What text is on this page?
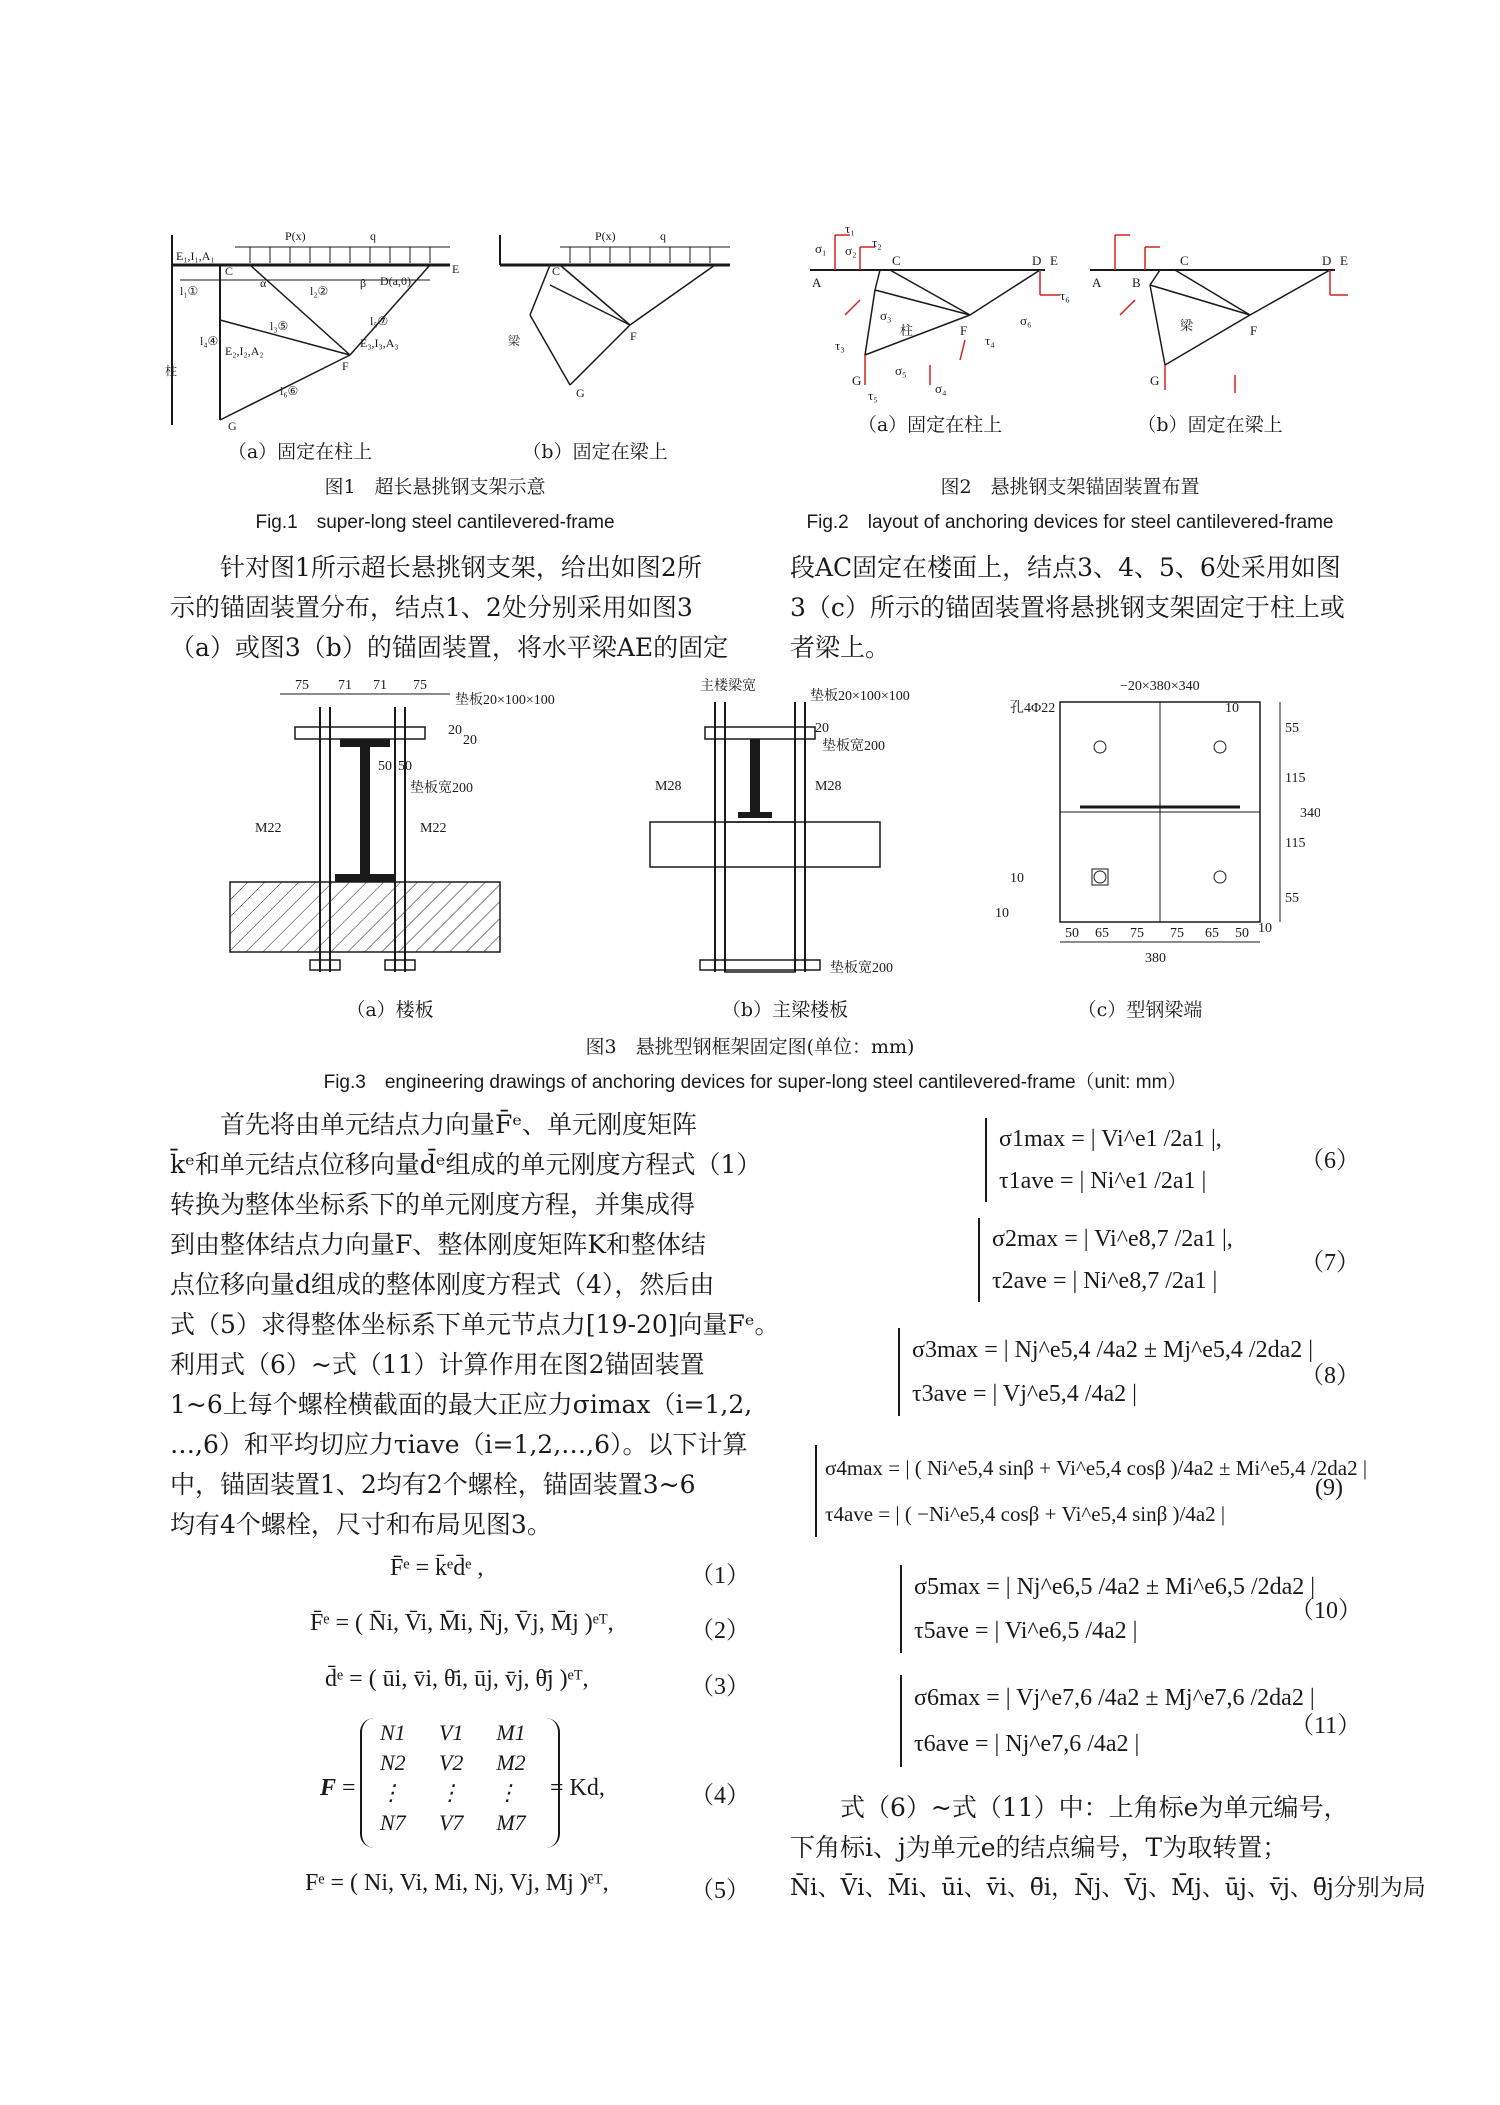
P(x)	q
E
D(a,0)
C
α	β
F
G
柱
l₁①	l₂②
l₃⑤
l₄④
l₅⑦
l₆⑥
E₁,I₁,A₁
E₂,I₂,A₂
E₃,I₃,A₃
P(x)	q
C
梁
G
F
（a）固定在柱上	（b）固定在梁上
图1　超长悬挑钢支架示意
Fig.1　super-long steel cantilevered-frame
A
C	D E
F
G
柱
τ₁
τ₂
σ₁ σ₂
σ₃
σ₄
σ₅
σ₆
τ₃	τ₄
τ₅
τ₆
A B
C	D E
F
G
梁
（a）固定在柱上	（b）固定在梁上
图2　悬挑钢支架锚固装置布置
Fig.2　layout of anchoring devices for steel cantilevered-frame
针对图1所示超长悬挑钢支架，给出如图2所
示的锚固装置分布，结点1、2处分别采用如图3
（a）或图3（b）的锚固装置，将水平梁AE的固定
段AC固定在楼面上，结点3、4、5、6处采用如图
3（c）所示的锚固装置将悬挑钢支架固定于柱上或
者梁上。
75 71 71 75
垫板20×100×100
垫板宽200
M22	M22
20
20
50 50
主楼梁宽
垫板20×100×100
垫板宽200
M28	M28
20
垫板宽200
−20×380×340
孔4Φ22	10
10
10
10
55
115
115
55
340
50 65 75 75 65 50
380
（a）楼板	（b）主梁楼板	（c）型钢梁端
图3　悬挑型钢框架固定图(单位：mm)
Fig.3　engineering drawings of anchoring devices for super-long steel cantilevered-frame（unit: mm）
首先将由单元结点力向量F̄ᵉ、单元刚度矩阵
k̄ᵉ和单元结点位移向量d̄ᵉ组成的单元刚度方程式（1）
转换为整体坐标系下的单元刚度方程，并集成得
到由整体结点力向量F、整体刚度矩阵K和整体结
点位移向量d组成的整体刚度方程式（4），然后由
式（5）求得整体坐标系下单元节点力[19-20]向量Fᵉ。
利用式（6）~式（11）计算作用在图2锚固装置
1~6上每个螺栓横截面的最大正应力σimax（i=1,2,
…,6）和平均切应力τiave（i=1,2,…,6）。以下计算
中，锚固装置1、2均有2个螺栓，锚固装置3~6
均有4个螺栓，尺寸和布局见图3。
F̄ᵉ = k̄ᵉd̄ᵉ ,	（1）
F̄ᵉ = ( N̄i, V̄i, M̄i, N̄j, V̄j, M̄j )ᵉᵀ,	（2）
d̄ᵉ = ( ūi, v̄i, θ̄i, ūj, v̄j, θ̄j )ᵉᵀ,	（3）
F =
N1	V1	M1
N2	V2	M2
⋮	⋮	⋮
N7	V7	M7
= Kd,	（4）
Fᵉ = ( Ni, Vi, Mi, Nj, Vj, Mj )ᵉᵀ,	（5）
σ1max = | Vi^e1 /2a1 |,
τ1ave = | Ni^e1 /2a1 |
（6）
σ2max = | Vi^e8,7 /2a1 |,
τ2ave = | Ni^e8,7 /2a1 |
（7）
σ3max = | Nj^e5,4 /4a2 ± Mj^e5,4 /2da2 |
τ3ave = | Vj^e5,4 /4a2 |
（8）
σ4max = | ( Ni^e5,4 sinβ + Vi^e5,4 cosβ )/4a2 ± Mi^e5,4 /2da2 |
τ4ave = | ( −Ni^e5,4 cosβ + Vi^e5,4 sinβ )/4a2 |
(9)
σ5max = | Nj^e6,5 /4a2 ± Mi^e6,5 /2da2 |
τ5ave = | Vi^e6,5 /4a2 |
（10）
σ6max = | Vj^e7,6 /4a2 ± Mj^e7,6 /2da2 |
τ6ave = | Nj^e7,6 /4a2 |
（11）
式（6）~式（11）中：上角标e为单元编号，
下角标i、j为单元e的结点编号，T为取转置；
N̄i、V̄i、M̄i、ūi、v̄i、θ̄i，N̄j、V̄j、M̄j、ūj、v̄j、θ̄j分别为局
